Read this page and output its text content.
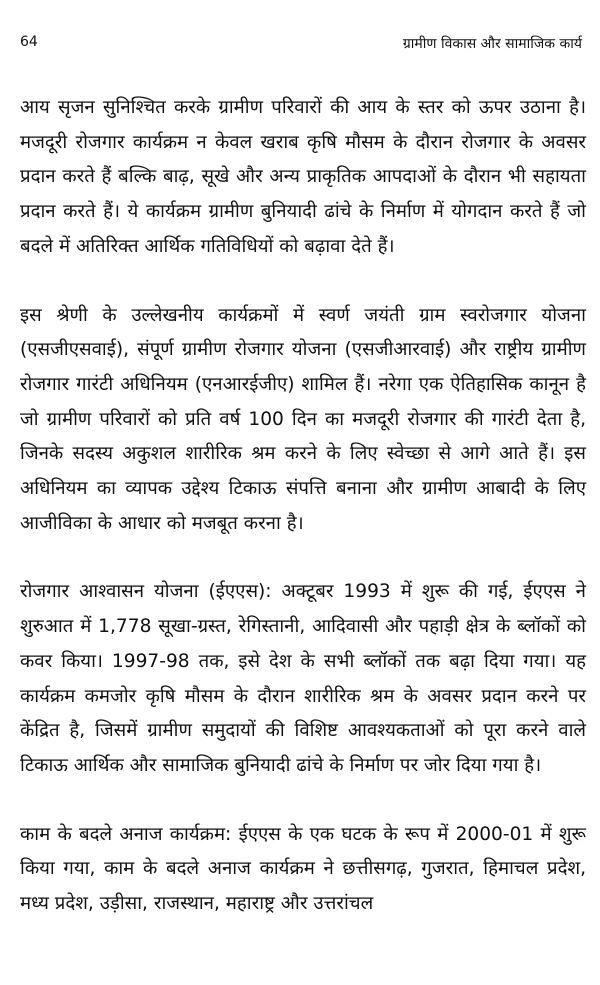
64	ग्रामीण विकास और सामाजिक कार्य

आय सृजन सुनिश्चित करके ग्रामीण परिवारों की आय के स्तर को ऊपर उठाना है। मजदूरी रोजगार कार्यक्रम न केवल खराब कृषि मौसम के दौरान रोजगार के अवसर प्रदान करते हैं बल्कि बाढ़, सूखे और अन्य प्राकृतिक आपदाओं के दौरान भी सहायता प्रदान करते हैं। ये कार्यक्रम ग्रामीण बुनियादी ढांचे के निर्माण में योगदान करते हैं जो बदले में अतिरिक्त आर्थिक गतिविधियों को बढ़ावा देते हैं।

इस श्रेणी के उल्लेखनीय कार्यक्रमों में स्वर्ण जयंती ग्राम स्वरोजगार योजना (एसजीएसवाई), संपूर्ण ग्रामीण रोजगार योजना (एसजीआरवाई) और राष्ट्रीय ग्रामीण रोजगार गारंटी अधिनियम (एनआरईजीए) शामिल हैं। नरेगा एक ऐतिहासिक कानून है जो ग्रामीण परिवारों को प्रति वर्ष 100 दिन का मजदूरी रोजगार की गारंटी देता है, जिनके सदस्य अकुशल शारीरिक श्रम करने के लिए स्वेच्छा से आगे आते हैं। इस अधिनियम का व्यापक उद्देश्य टिकाऊ संपत्ति बनाना और ग्रामीण आबादी के लिए आजीविका के आधार को मजबूत करना है।

रोजगार आश्वासन योजना (ईएएस): अक्टूबर 1993 में शुरू की गई, ईएएस ने शुरुआत में 1,778 सूखा-ग्रस्त, रेगिस्तानी, आदिवासी और पहाड़ी क्षेत्र के ब्लॉकों को कवर किया। 1997-98 तक, इसे देश के सभी ब्लॉकों तक बढ़ा दिया गया। यह कार्यक्रम कमजोर कृषि मौसम के दौरान शारीरिक श्रम के अवसर प्रदान करने पर केंद्रित है, जिसमें ग्रामीण समुदायों की विशिष्ट आवश्यकताओं को पूरा करने वाले टिकाऊ आर्थिक और सामाजिक बुनियादी ढांचे के निर्माण पर जोर दिया गया है।

काम के बदले अनाज कार्यक्रम: ईएएस के एक घटक के रूप में 2000-01 में शुरू किया गया, काम के बदले अनाज कार्यक्रम ने छत्तीसगढ़, गुजरात, हिमाचल प्रदेश, मध्य प्रदेश, उड़ीसा, राजस्थान, महाराष्ट्र और उत्तरांचल
